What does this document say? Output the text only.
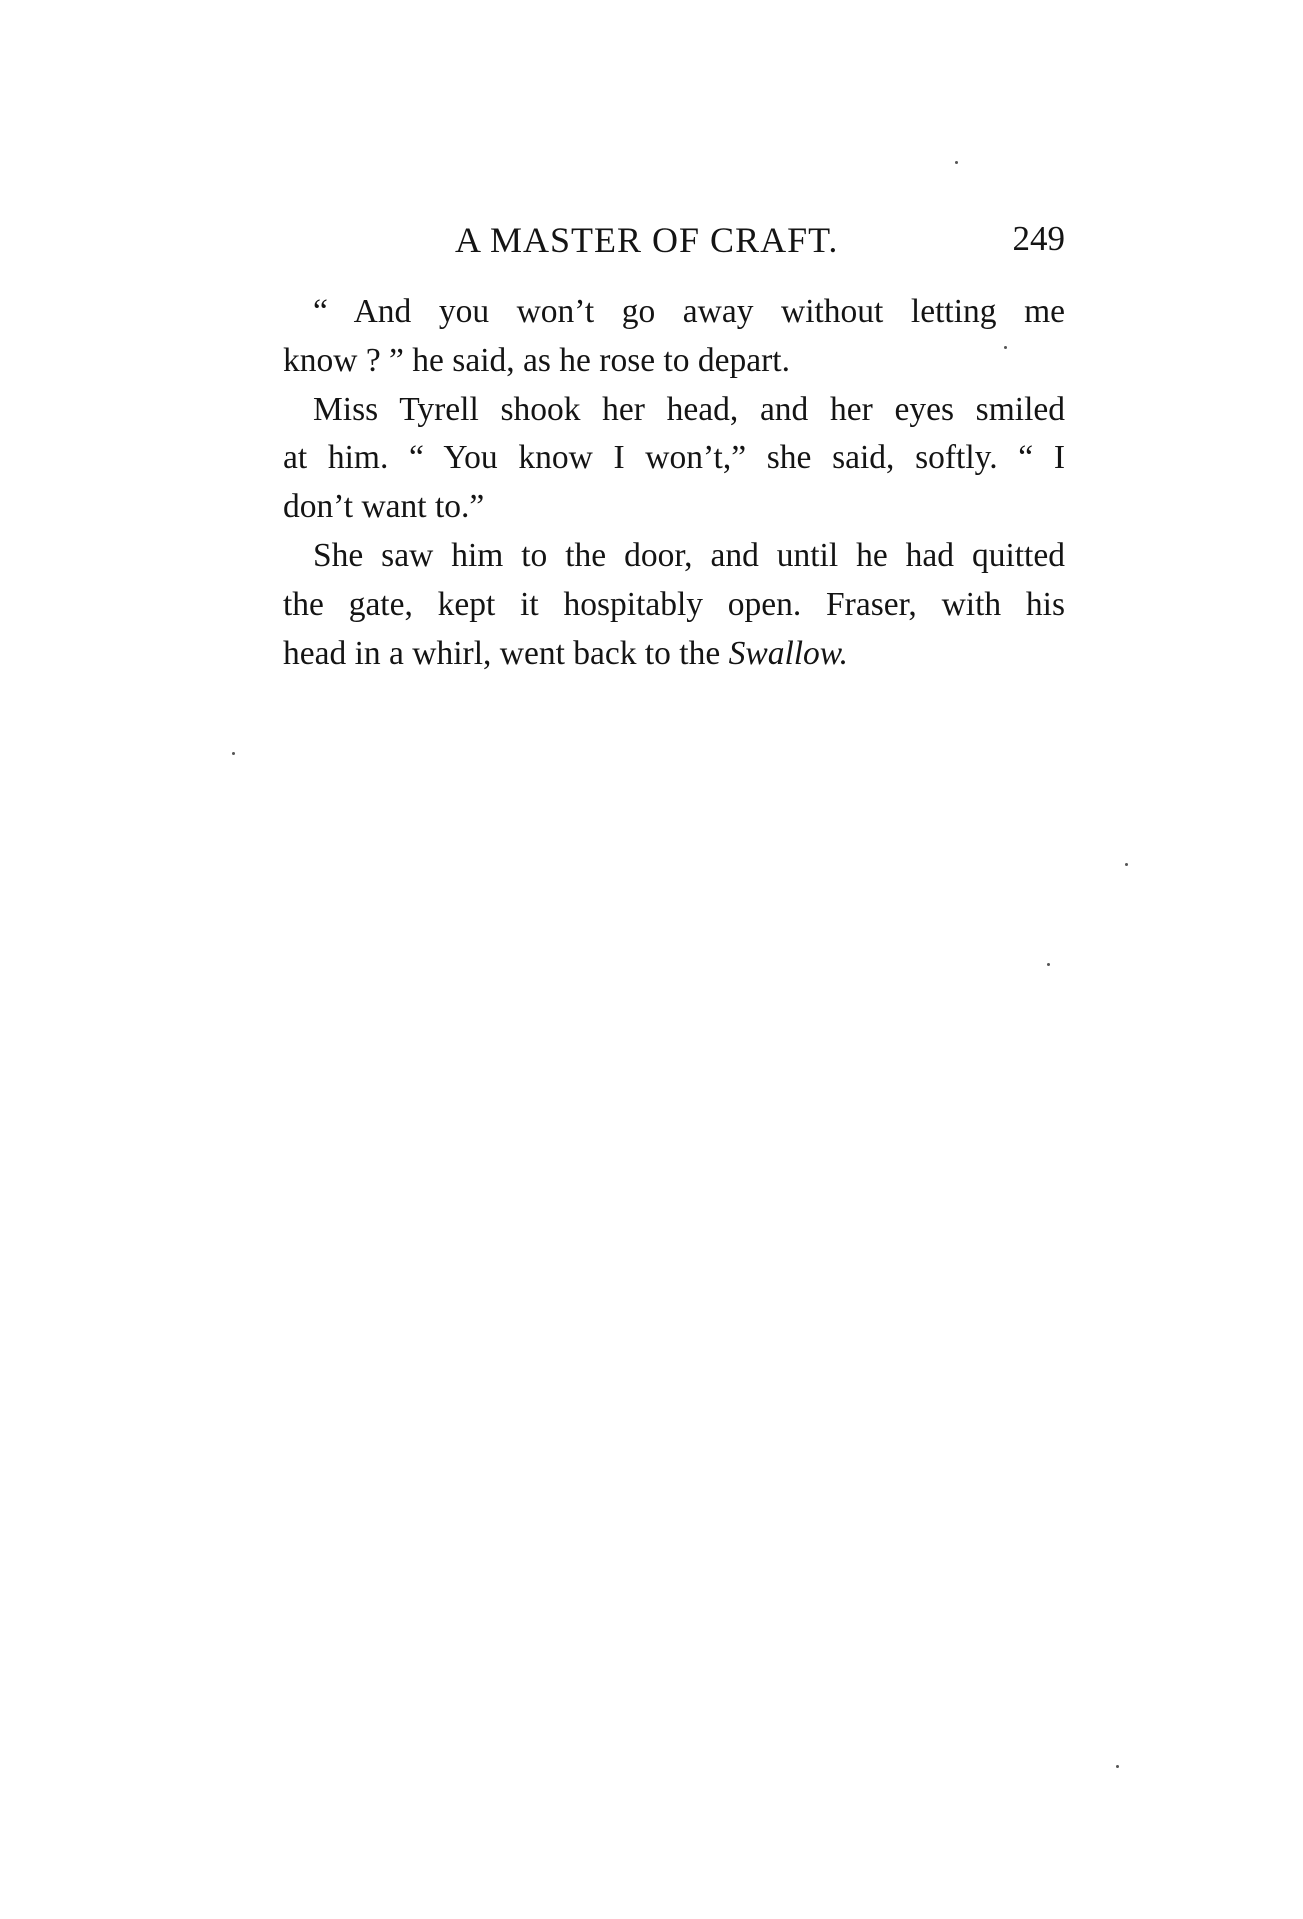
A MASTER OF CRAFT.	249
“ And you won’t go away without letting me
know ? ” he said, as he rose to depart.
Miss Tyrell shook her head, and her eyes smiled
at him. “ You know I won’t,” she said, softly. “ I
don’t want to.”
She saw him to the door, and until he had quitted
the gate, kept it hospitably open. Fraser, with his
head in a whirl, went back to the Swallow.
